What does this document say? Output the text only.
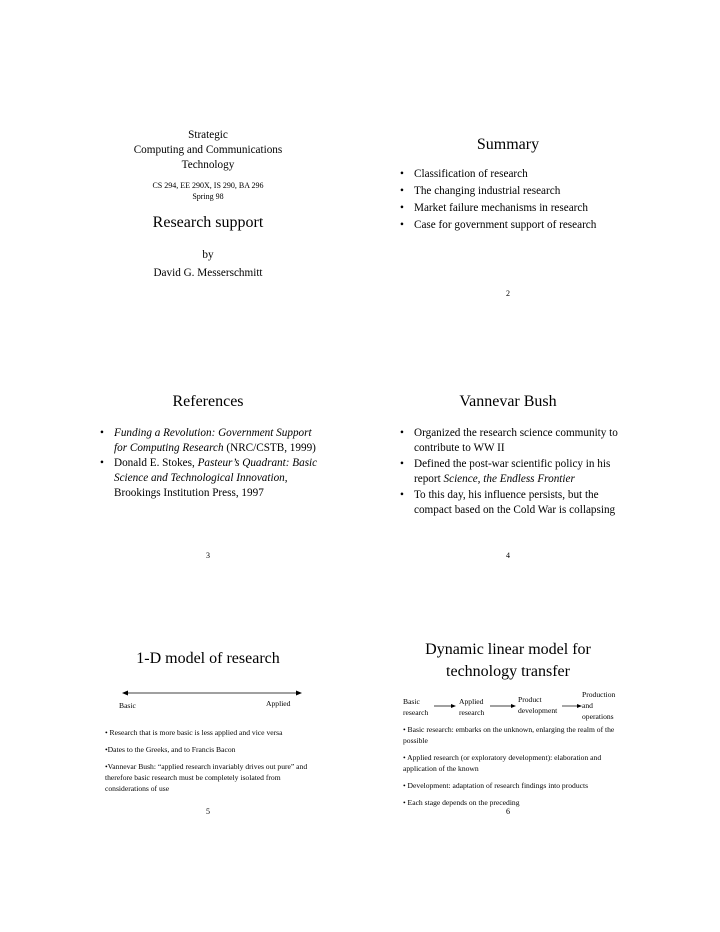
Strategic
Computing and Communications
Technology
CS 294, EE 290X, IS 290, BA 296
Spring 98
Research support
by
David G. Messerschmitt
Summary
• Classification of research
• The changing industrial research
• Market failure mechanisms in research
• Case for government support of research
2
References
• Funding a Revolution: Government Support for Computing Research (NRC/CSTB, 1999)
• Donald E. Stokes, Pasteur’s Quadrant: Basic Science and Technological Innovation, Brookings Institution Press, 1997
3
Vannevar Bush
• Organized the research science community to contribute to WW II
• Defined the post-war scientific policy in his report Science, the Endless Frontier
• To this day, his influence persists, but the compact based on the Cold War is collapsing
4
1-D model of research
Basic	Applied
• Research that is more basic is less applied and vice versa
•Dates to the Greeks, and to Francis Bacon
•Vannevar Bush: “applied research invariably drives out pure” and therefore basic research must be completely isolated from considerations of use
5
Dynamic linear model for
technology transfer
Basic
research
Applied
research
Product
development
Production
and
operations
• Basic research: embarks on the unknown, enlarging the realm of the possible
• Applied research (or exploratory development): elaboration and application of the known
• Development: adaptation of research findings into products
• Each stage depends on the preceding
6
